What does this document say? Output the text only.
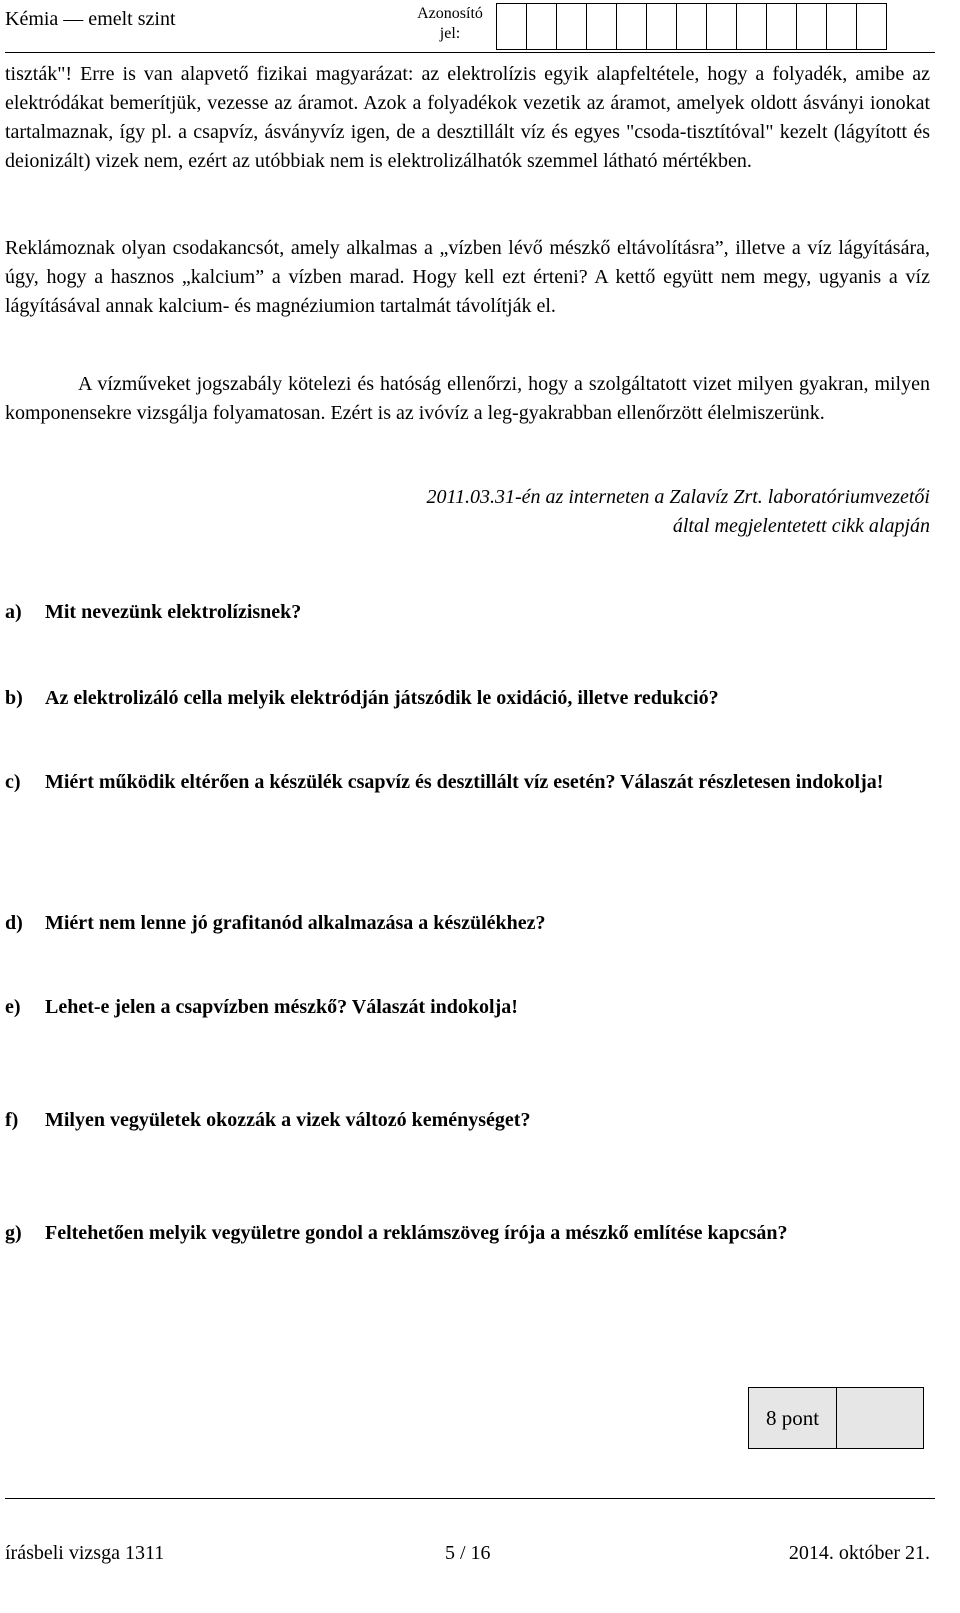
Kémia — emelt szint	Azonosító
jel:

tiszták"! Erre is van alapvető fizikai magyarázat: az elektrolízis egyik alapfeltétele, hogy a folyadék, amibe az elektródákat bemerítjük, vezesse az áramot. Azok a folyadékok vezetik az áramot, amelyek oldott ásványi ionokat tartalmaznak, így pl. a csapvíz, ásványvíz igen, de a desztillált víz és egyes "csoda-tisztítóval" kezelt (lágyított és deionizált) vizek nem, ezért az utóbbiak nem is elektrolizálhatók szemmel látható mértékben.

Reklámoznak olyan csodakancsót, amely alkalmas a „vízben lévő mészkő eltávolításra”, illetve a víz lágyítására, úgy, hogy a hasznos „kalcium” a vízben marad. Hogy kell ezt érteni? A kettő együtt nem megy, ugyanis a víz lágyításával annak kalcium- és magnéziumion tartalmát távolítják el.

A vízműveket jogszabály kötelezi és hatóság ellenőrzi, hogy a szolgáltatott vizet milyen gyakran, milyen komponensekre vizsgálja folyamatosan. Ezért is az ivóvíz a leg-gyakrabban ellenőrzött élelmiszerünk.

2011.03.31-én az interneten a Zalavíz Zrt. laboratóriumvezetői
által megjelentetett cikk alapján
a)	Mit nevezünk elektrolízisnek?
b)	Az elektrolizáló cella melyik elektródján játszódik le oxidáció, illetve redukció?
c)	Miért működik eltérően a készülék csapvíz és desztillált víz esetén? Válaszát részletesen indokolja!
d)	Miért nem lenne jó grafitanód alkalmazása a készülékhez?
e)	Lehet-e jelen a csapvízben mészkő? Válaszát indokolja!
f)	Milyen vegyületek okozzák a vizek változó keménységet?
g)	Feltehetően melyik vegyületre gondol a reklámszöveg írója a mészkő említése kapcsán?
8 pont
írásbeli vizsga 1311	5 / 16	2014. október 21.
